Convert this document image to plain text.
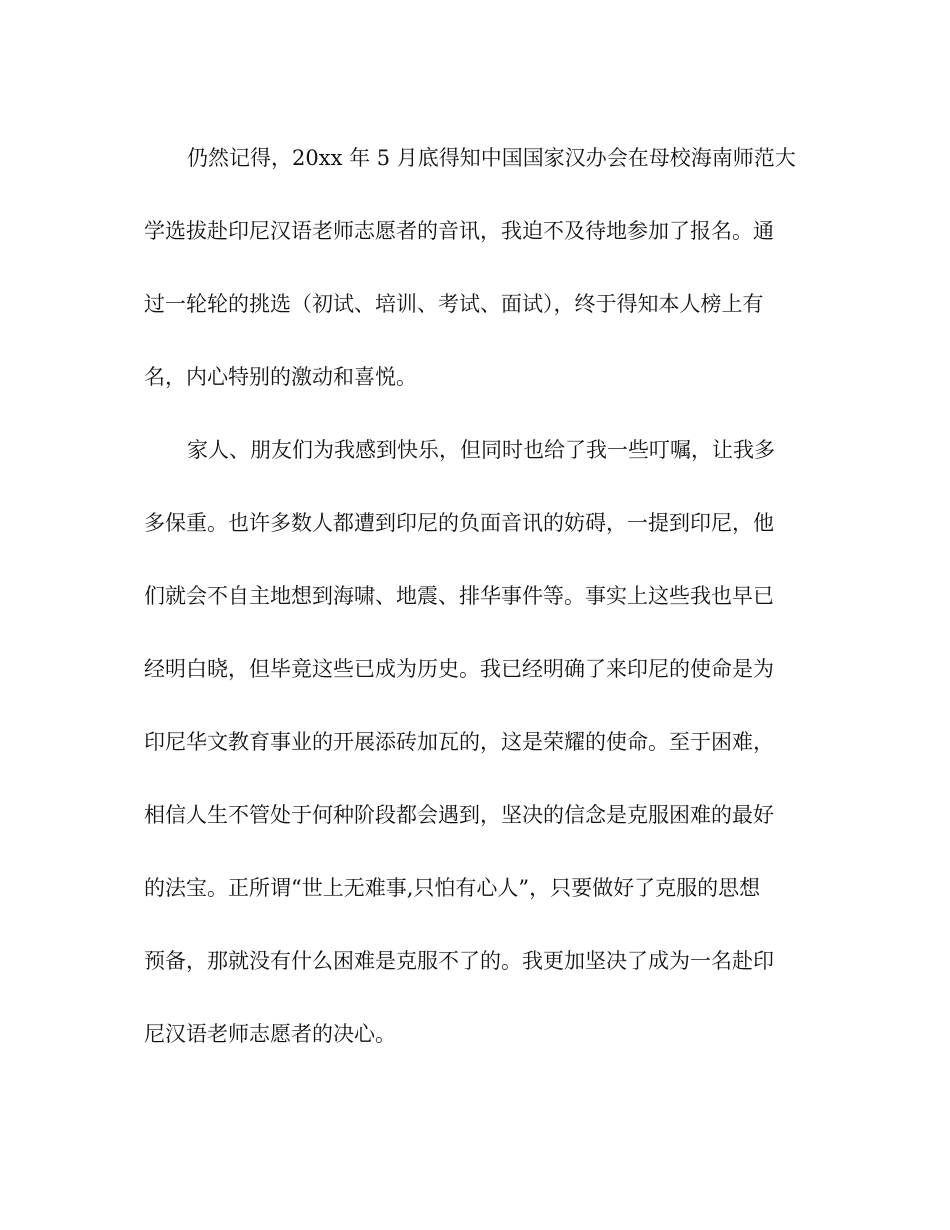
仍然记得，20xx 年 5 月底得知中国国家汉办会在母校海南师范大
学选拔赴印尼汉语老师志愿者的音讯，我迫不及待地参加了报名。通
过一轮轮的挑选（初试、培训、考试、面试），终于得知本人榜上有
名，内心特别的激动和喜悦。
家人、朋友们为我感到快乐，但同时也给了我一些叮嘱，让我多
多保重。也许多数人都遭到印尼的负面音讯的妨碍，一提到印尼，他
们就会不自主地想到海啸、地震、排华事件等。事实上这些我也早已
经明白晓，但毕竟这些已成为历史。我已经明确了来印尼的使命是为
印尼华文教育事业的开展添砖加瓦的，这是荣耀的使命。至于困难，
相信人生不管处于何种阶段都会遇到，坚决的信念是克服困难的最好
的法宝。正所谓“世上无难事,只怕有心人”，只要做好了克服的思想
预备，那就没有什么困难是克服不了的。我更加坚决了成为一名赴印
尼汉语老师志愿者的决心。
